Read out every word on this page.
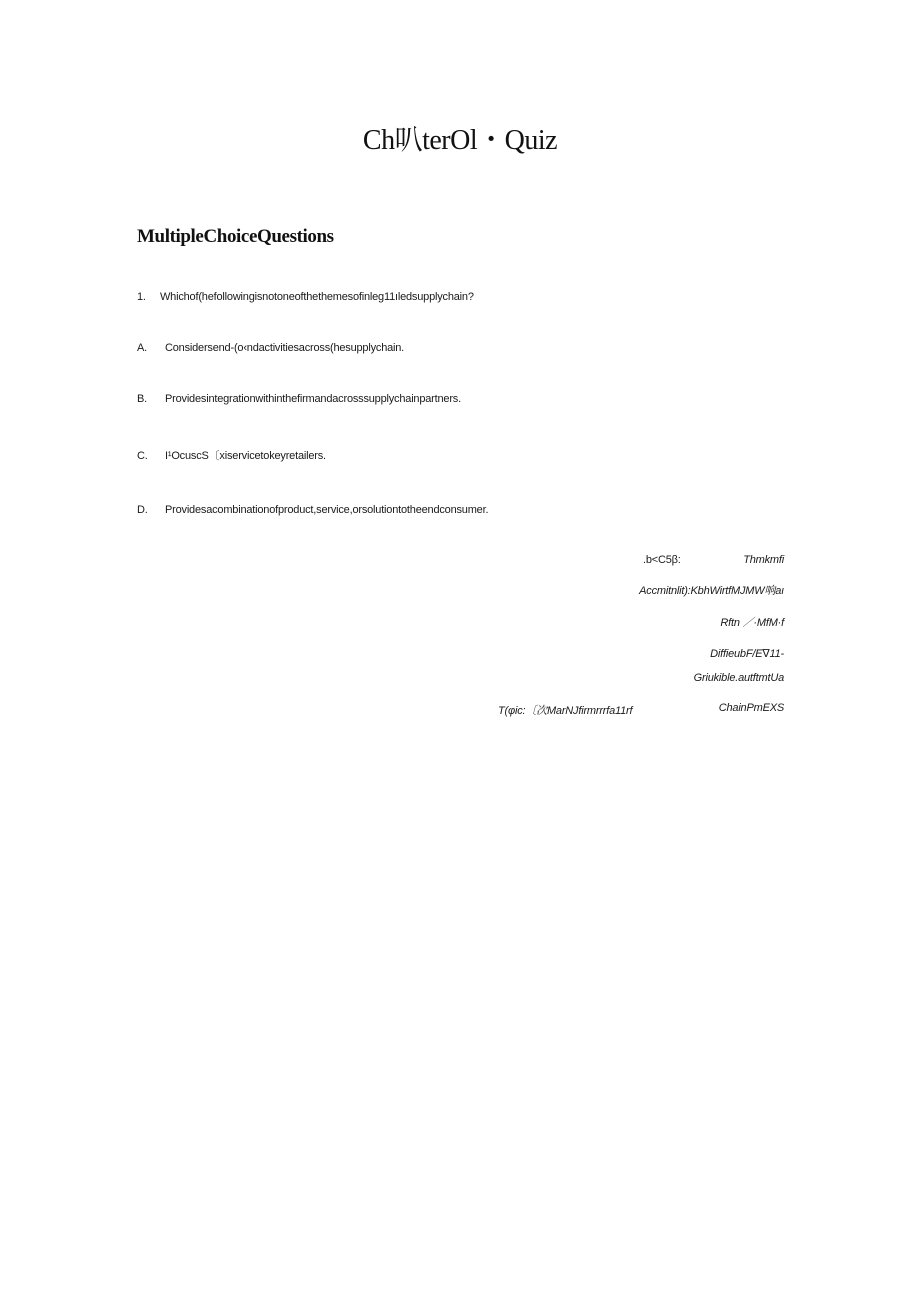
Ch叭terOl・Quiz
MultipleChoiceQuestions
1. Whichof(hefollowingisnotoneofthethemesofinleg11ıledsupplychain?
A. Considersend-(o‹ndactivitiesacross(hesupplychain.
B. Providesintegrationwithinthefirmandacrosssupplychainpartners.
C. I¹OcuscS〔xiservicetokeyretailers.
D. Providesacombinationofproduct,service,orsolutiontotheendconsumer.
.b<C5β:	Thmkmfi
Accmitnlit):KbhWirtfMJMW响aı
Rftn ／·MfM·f
DiffieubF/E∇11-
Griukible.autftmtUa
T(φic:〔次MarNJfirmrrrfa11rf	ChainPmEXS
